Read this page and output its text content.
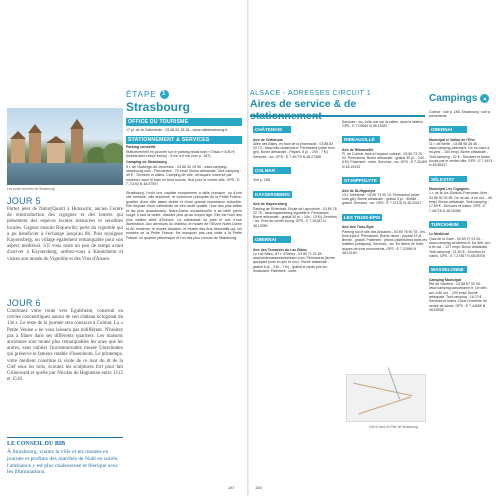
Les ponts couverts de Strasbourg
JOUR 5
Partez jeter de Natur(Quart) à Hunawihr, ancien Centre de reintroduction des cigognes et des loutres qui présentent des espèces locales menacées et sensibles locales. Gagnez ensuite Riquewihr, perle du vignoble qui a pu bénéficier à l'échange jusqu'au 8h. Puis rejoignez Kaysersberg, un village également remarquable pour son aspect médiéval. S'il vous reste un peu de temps avant d'arriver à Kaysersberg, arrêtez-vous à Kientzheim et visitez son musée du Vignoble et des Vins d'Alsace.
JOUR 6
Continuez votre route vers Eguisheim, construit en cercles concentriques autour de son château octogonal du 13e s. Le reste de la journée sera consacré à Colmar. La « Petite Venise » ne vous laissera pas indifférent. N'hésitez pas à flâner dans ses différents quartiers. Les maisons anciennes sont toutes plus remarquables les unes que les autres, sans oublier l'incontournable musée Unterlinden qui préserve le fameux retable d'Issenheim. Le printemps, votre meilleur constitue la visite de ce tour du lit de la Clef sous les toits, écoutez les sculptures fort pour fait Grünewald et quelle par Nicolas de Haguenau entre 1512 et 1516.
LE CONSEIL DU BIB
À Strasbourg, visitez la ville et les musées en journée et profitez des marchés de Noël en soirée, l'ambiance y est plus chaleureuse et féerique avec les illuminations.
ÉTAPE 1
Strasbourg
OFFICE DU TOURISME
17 pl. de la Cathédrale - 03 88 52 28 28 - www.visitstrasbourg.fr
STATIONNEMENT & SERVICES
Parking conseillé
Stationnement en journée sur le parking relais tram « Elsau » 6,80 € (tickets aller-retour inclus) - 5 mn à 6 mn (voir p. 187).
Camping de Strasbourg
9 r. de l'Auberge-de-Jeunesse - 03 88 30 19 96 - www.camping-strasbourg.com - Permanent - 70 empl. Borne artisanale. Tarif camping : 49 € - Services et loisirs. Camping de ville, verdoyant, traversé par ruisseau, avec le tram en fond sonore. Bus pour le centre-ville. GPS : E 7.71192 N 48.57597
Strasbourg, l'ordo une capitale européenne à taille humaine, ou d'une cité romaine, ville ancienne, et commune principale de la Petite France, quartier d'une ville assez visible et d'une grande importance culturelle. Elle dispose d'une cathédrale de très haute qualité, l'une des plus belles et les plus audacieuses. Notre-Dame occasionnelle à sa belle pierre rouge, il faut la visiter, d'autant plus qu'au moyen âge. Elle est l'une des plus vieilles villes d'Europe. La cathédrale se pare le soir d'une illumination. Aux alentours du château, le musée de l'Œuvre Notre-Dame et Art moderne, le musée Alsacien, le musée des Arts décoratifs qui, les musées de la Petite France. Ne manquez pas une visite à la Petite France, un quartier pittoresque et l'un des plus connus de Strasbourg.
187
ALSACE - ADRESSES CIRCUIT 1
Aires de service & de
CHÂTENOIS
Aire de Châtenois
Allée des Bains, en face de la pharmacie - 03 88 82 02 74 - www.ville-chatenois.fr. Permanent (mise hors gel). Borne artisanale - Payant. 5 pl. - 24h - 7 €/j. Services : wc. GPS : E 7.39775 N 48.27488
COLMAR
Voir p. 189.
KAYSERSBERG
Aire de Kaysersberg
Parking de l'Erlenbad, Route de Lapoutroie - 03 89 78 22 78 - www.kaysersberg-vignoble.fr. Permanent. Borne artisanale - gratuit 30 pl. - 24h - 10 €/j. Services : wc. Près du centre bourg. GPS : E 7.26181 N 48.13950
OBERNAI
Aire des Terrasses du Lac Blanc
Le Lac Blanc, 67 r. d'Orbey - 03 89 71 21 65 - www.lesterrassesdulacblanc.com. Permanent (fermé quelques jours en juin et nov.). Borne artisanale - gratuit 6 pl. - 24h - 7 €/j - gratuit si repas pris au restaurant. Paiement : carte.
Services : wc. Jolie vue sur la vallée, dans la station. GPS : E 7.09069 N 48.13587
RIBEAUVILLÉ
Aire de Ribeauvillé
Pl. de Colmar, face à l'espace culturel - 03 89 73 20 00. Permanent. Borne artisanale - gratuit 30 pl. - 24h - 6 €/j. Paiement : carte. Services : wc. GPS : E 7.32469 N 48.19433
ST-HIPPOLYTE
Aire de St-Hippolyte
13 r. Kleinforst - 03 89 73 00 13. Permanent (mise hors gel). Borne artisanale - gratuit 3 pl. - illimité - gratuit. Services : wc. GPS : E 7.37132 N 48.23317
LES TROIS-ÉPIS
Aire des Trois-Épis
Parking sur le site des Antonins - 03 89 78 90 78 - les-trois-epis.fr. Permanent. Borne raclet - payant 12 pl. - illimité - gratuit. Paiement : jetons (distributeur dans les toilettes publiques). Services : wc. En lisière de forêt, auprès de trois monuments. GPS : E 7.22969 N 48.10160
Voir le nord du Pôle de Strasbourg
Campings	▲
Colmar : voir p. 186. Strasbourg : voir p. précédente.
OBERNAI
Municipal le Vallon de l'Ehn
11 r. de Berlin - 03 88 95 38 48 - www.camping-obernai.fr. De mi-mars à mi-janv. - 150 empl. Borne artisanale - Tarif camping : 22 € - Services et loisirs. Accès par le centre-ville. GPS : E 7.4674 N 48.46517
SÉLESTAT
Municipal Les Cigognes
1 r. de la 1re-Division-Française-Libre - 03 88 92 03 98. De mi-avr. à mi-oct. - 48 empl. Borne artisanale. Tarif camping : 17,80 € - Services et loisirs. GPS : E 7.46716 N 48.25389
TURCKHEIM
Le Médiéval
Quai de la Gare - 03 89 27 02 00 - www.camping-turckheim.fr. De déb. avr. à fin oct. - 127 empl. Borne artisanale. Tarif camping : 21,50 € - Services et loisirs. GPS : E 7.27467 N 48.08704
WASSELONNE
Camping Municipal
Rte de Saverne - 03 88 87 00 08 - www.camping-wasselonne.fr. De déb. avr. à fin oct. - 150 empl. Borne artisanale. Tarif camping : 16,70 € - Services et loisirs. Dans l'enceinte du centre de loisirs. GPS : E 7.44556 N 48.63528
188
